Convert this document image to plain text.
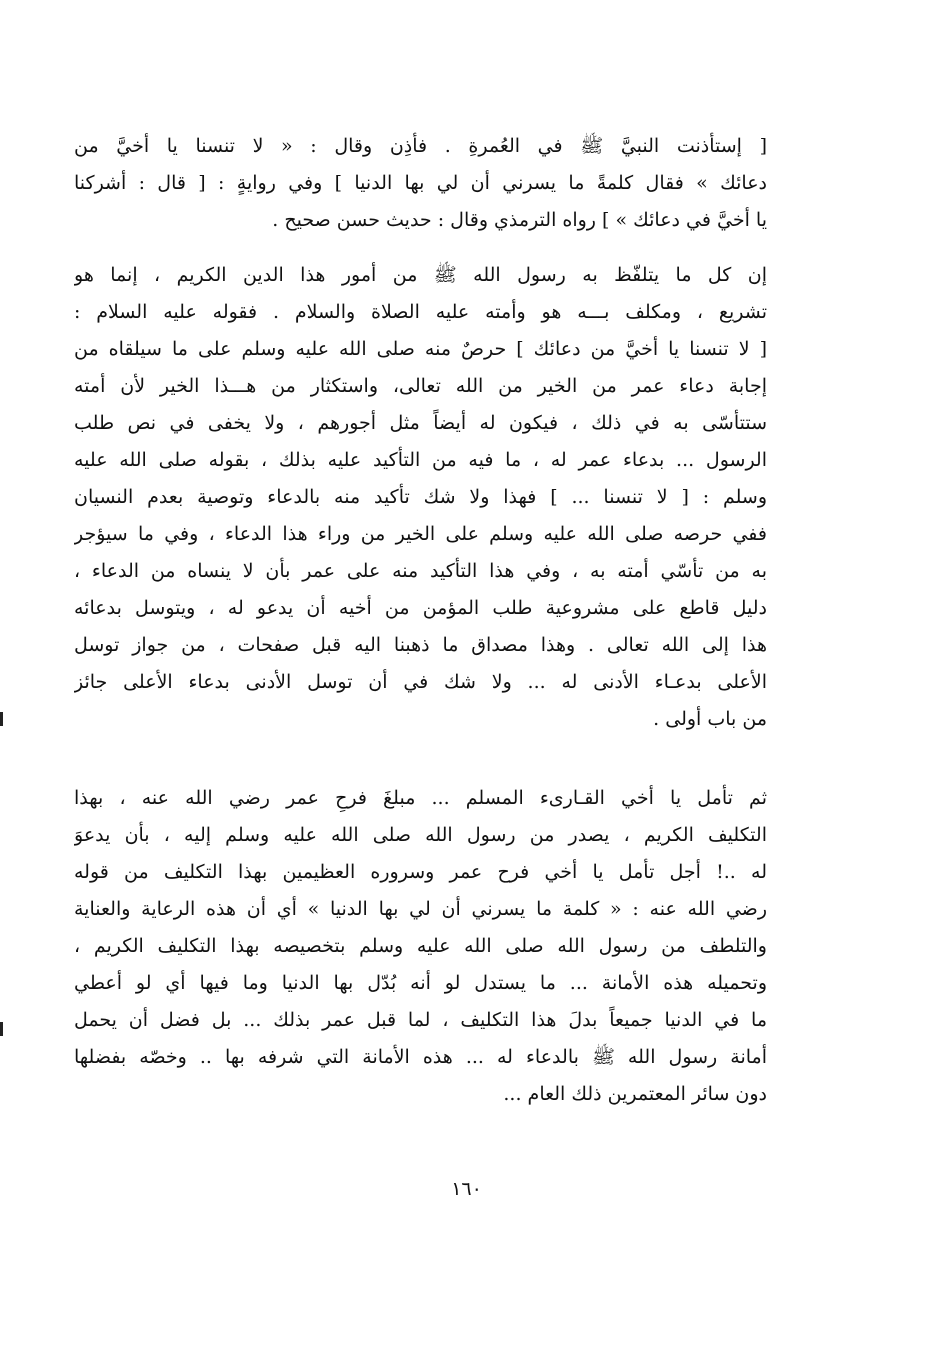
[ إستأذنت النبيَّ ﷺ في العُمرةِ . فأذِن وقال : « لا تنسنا يا أخيَّ من
دعائك » فقال كلمةً ما يسرني أن لي بها الدنيا ] وفي روايةٍ : [ قال : أشركنا
يا أخيَّ في دعائك » ] رواه الترمذي وقال : حديث حسن صحيح .
إن كل ما يتلفّظ به رسول الله ﷺ من أمور هذا الدين الكريم ، إنما هو
تشريع ، ومكلف بـــه هو وأمته عليه الصلاة والسلام . فقوله عليه السلام :
[ لا تنسنا يا أخيَّ من دعائك ] حرصٌ منه صلى الله عليه وسلم على ما سيلقاه من
إجابة دعاء عمر من الخير من الله تعالى، واستكثار من هـــذا الخير لأن أمته
ستتأسّى به في ذلك ، فيكون له أيضاً مثل أجورهم ، ولا يخفى في نص طلب
الرسول ... بدعاء عمر له ، ما فيه من التأكيد عليه بذلك ، بقوله صلى الله عليه
وسلم : [ لا تنسنا ... ] فهذا ولا شك تأكيد منه بالدعاء وتوصية بعدم النسيان
ففي حرصه صلى الله عليه وسلم على الخير من وراء هذا الدعاء ، وفي ما سيؤجر
به من تأسّي أمته به ، وفي هذا التأكيد منه على عمر بأن لا ينساه من الدعاء ،
دليل قاطع على مشروعية طلب المؤمن من أخيه أن يدعو له ، ويتوسل بدعائه
هذا إلى الله تعالى . وهذا مصداق ما ذهبنا اليه قبل صفحات ، من جواز توسل
الأعلى بدعـاء الأدنى له ... ولا شك في أن توسل الأدنى بدعاء الأعلى جائز
من باب أولى .
ثم تأمل يا أخي القـارىء المسلم ... مبلغَ فرحِ عمر رضي الله عنه ، بهذا
التكليف الكريم ، يصدر من رسول الله صلى الله عليه وسلم إليه ، بأن يدعوَ
له ..! أجل تأمل يا أخي فرح عمر وسروره العظيمين بهذا التكليف من قوله
رضي الله عنه : « كلمة ما يسرني أن لي بها الدنيا » أي أن هذه الرعاية والعناية
والتلطف من رسول الله صلى الله عليه وسلم بتخصيصه بهذا التكليف الكريم ،
وتحميله هذه الأمانة ... ما يستدل لو أنه بُدّل بها الدنيا وما فيها أي لو أعطي
ما في الدنيا جميعاً بدلَ هذا التكليف ، لما قبل عمر بذلك ... بل فضل أن يحمل
أمانة رسول الله ﷺ بالدعاء له ... هذه الأمانة التي شرفه بها .. وخصّه بفضلها
دون سائر المعتمرين ذلك العام ...
١٦٠
